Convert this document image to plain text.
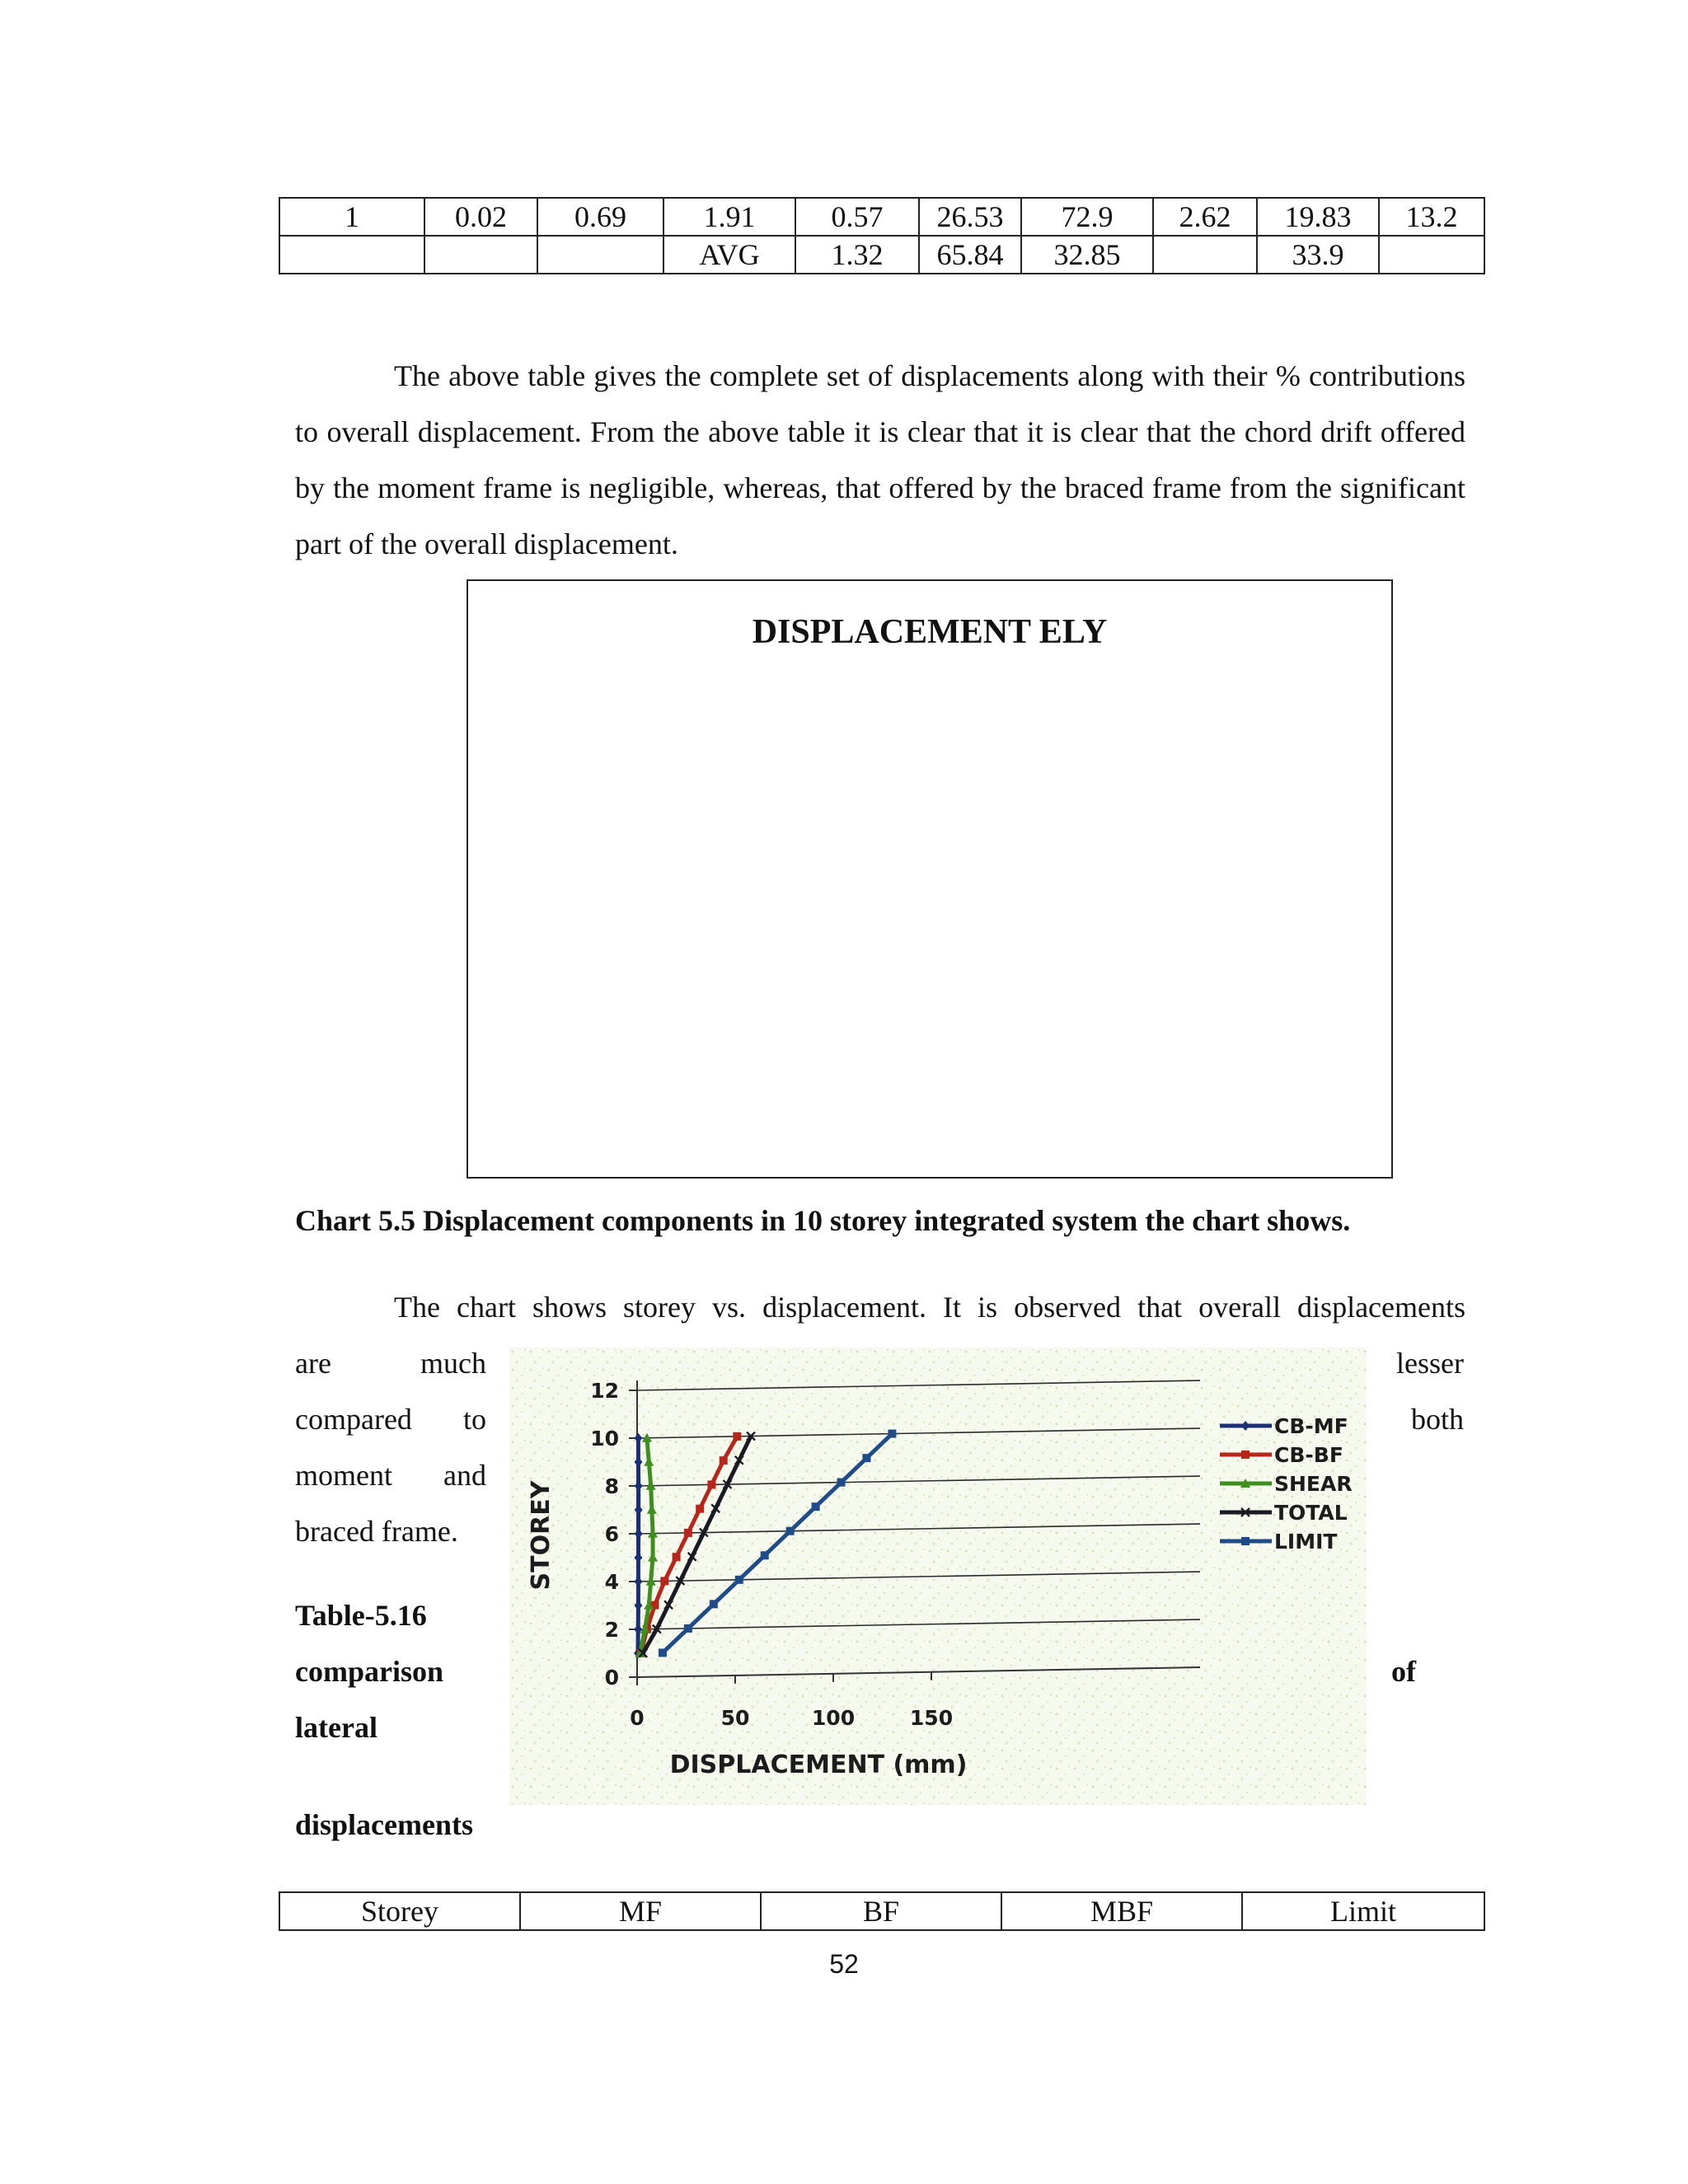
1	0.02	0.69	1.91	0.57	26.53	72.9	2.62	19.83	13.2
			AVG	1.32	65.84	32.85		33.9	
The above table gives the complete set of displacements along with their % contributions to overall displacement. From the above table it is clear that it is clear that the chord drift offered by the moment frame is negligible, whereas, that offered by the braced frame from the significant part of the overall displacement.
DISPLACEMENT ELY
Chart 5.5 Displacement components in 10 storey integrated system the chart shows.
The chart shows storey vs. displacement. It is observed that overall displacements
are	much
compared to
moment and
braced frame.
Table-5.16
comparison
lateral
displacements
lesser
both
of
0
2
4
6
8
10
12
0	50	100	150
CB-MF
CB-BF
SHEAR
TOTAL
LIMIT
DISPLACEMENT (mm)
STOREY
Storey	MF	BF	MBF	Limit
52
